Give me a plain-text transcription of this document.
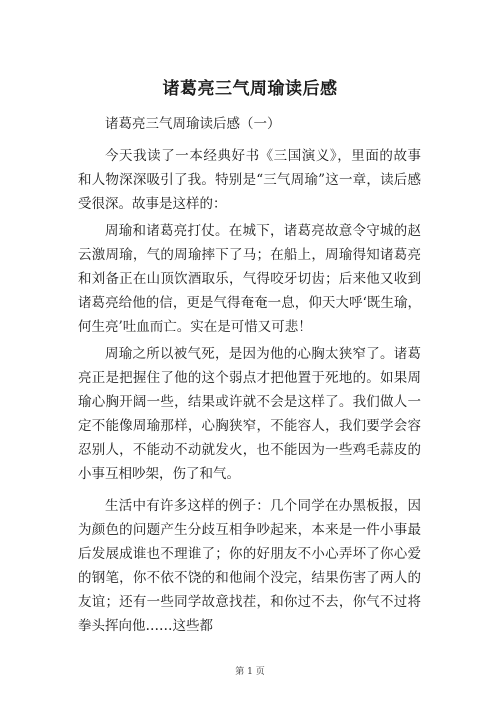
诸葛亮三气周瑜读后感

诸葛亮三气周瑜读后感（一）

今天我读了一本经典好书《三国演义》，里面的故事和人物深深吸引了我。特别是“三气周瑜”这一章，读后感受很深。故事是这样的：

周瑜和诸葛亮打仗。在城下，诸葛亮故意令守城的赵云激周瑜，气的周瑜摔下了马；在船上，周瑜得知诸葛亮和刘备正在山顶饮酒取乐，气得咬牙切齿；后来他又收到诸葛亮给他的信，更是气得奄奄一息，仰天大呼‘既生瑜，何生亮’吐血而亡。实在是可惜又可悲！

周瑜之所以被气死，是因为他的心胸太狭窄了。诸葛亮正是把握住了他的这个弱点才把他置于死地的。如果周瑜心胸开阔一些，结果或许就不会是这样了。我们做人一定不能像周瑜那样，心胸狭窄，不能容人，我们要学会容忍别人，不能动不动就发火，也不能因为一些鸡毛蒜皮的小事互相吵架，伤了和气。

生活中有许多这样的例子：几个同学在办黑板报，因为颜色的问题产生分歧互相争吵起来，本来是一件小事最后发展成谁也不理谁了；你的好朋友不小心弄坏了你心爱的钢笔，你不依不饶的和他闹个没完，结果伤害了两人的友谊；还有一些同学故意找茬，和你过不去，你气不过将拳头挥向他……这些都

第 1 页
